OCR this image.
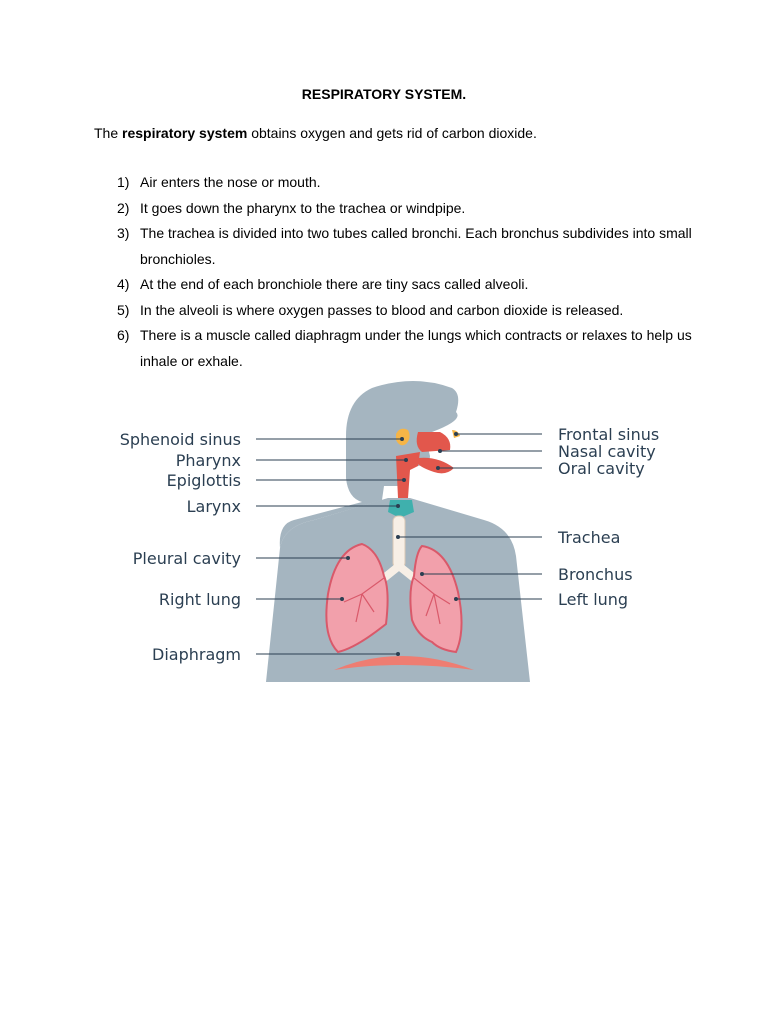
RESPIRATORY SYSTEM.
The respiratory system obtains oxygen and gets rid of carbon dioxide.
1) Air enters the nose or mouth.
2) It goes down the pharynx to the trachea or windpipe.
3) The trachea is divided into two tubes called bronchi. Each bronchus subdivides into small bronchioles.
4) At the end of each bronchiole there are tiny sacs called alveoli.
5) In the alveoli is where oxygen passes to blood and carbon dioxide is released.
6) There is a muscle called diaphragm under the lungs which contracts or relaxes to help us inhale or exhale.
Sphenoid sinus
Pharynx
Epiglottis
Larynx
Pleural cavity
Right lung
Diaphragm
Frontal sinus
Nasal cavity
Oral cavity
Trachea
Bronchus
Left lung
